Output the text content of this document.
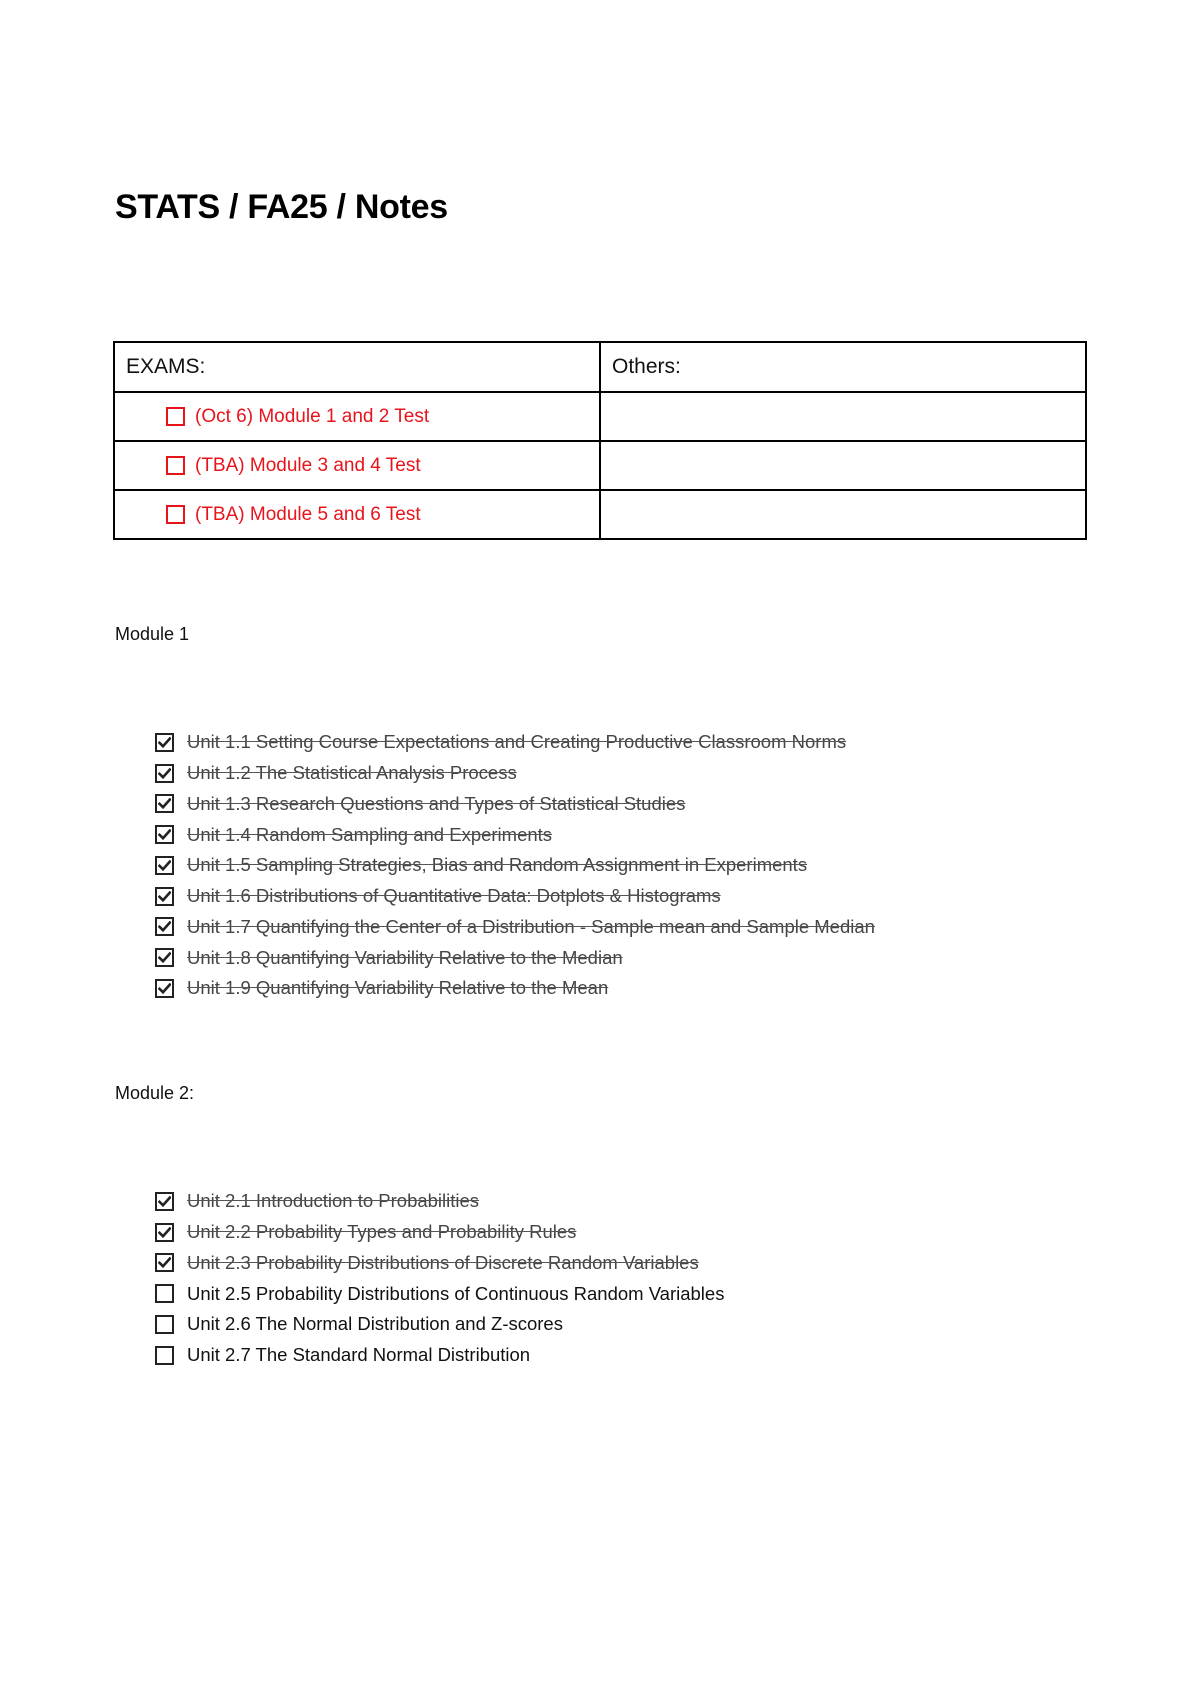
STATS / FA25 / Notes
EXAMS:	Others:

(Oct 6) Module 1 and 2 Test	

(TBA) Module 3 and 4 Test	

(TBA) Module 5 and 6 Test	

Module 1
Unit 1.1 Setting Course Expectations and Creating Productive Classroom Norms
Unit 1.2 The Statistical Analysis Process
Unit 1.3 Research Questions and Types of Statistical Studies
Unit 1.4 Random Sampling and Experiments
Unit 1.5 Sampling Strategies, Bias and Random Assignment in Experiments
Unit 1.6 Distributions of Quantitative Data: Dotplots & Histograms
Unit 1.7 Quantifying the Center of a Distribution - Sample mean and Sample Median
Unit 1.8 Quantifying Variability Relative to the Median
Unit 1.9 Quantifying Variability Relative to the Mean
Module 2:
Unit 2.1 Introduction to Probabilities
Unit 2.2 Probability Types and Probability Rules
Unit 2.3 Probability Distributions of Discrete Random Variables
Unit 2.5 Probability Distributions of Continuous Random Variables
Unit 2.6 The Normal Distribution and Z-scores
Unit 2.7 The Standard Normal Distribution
